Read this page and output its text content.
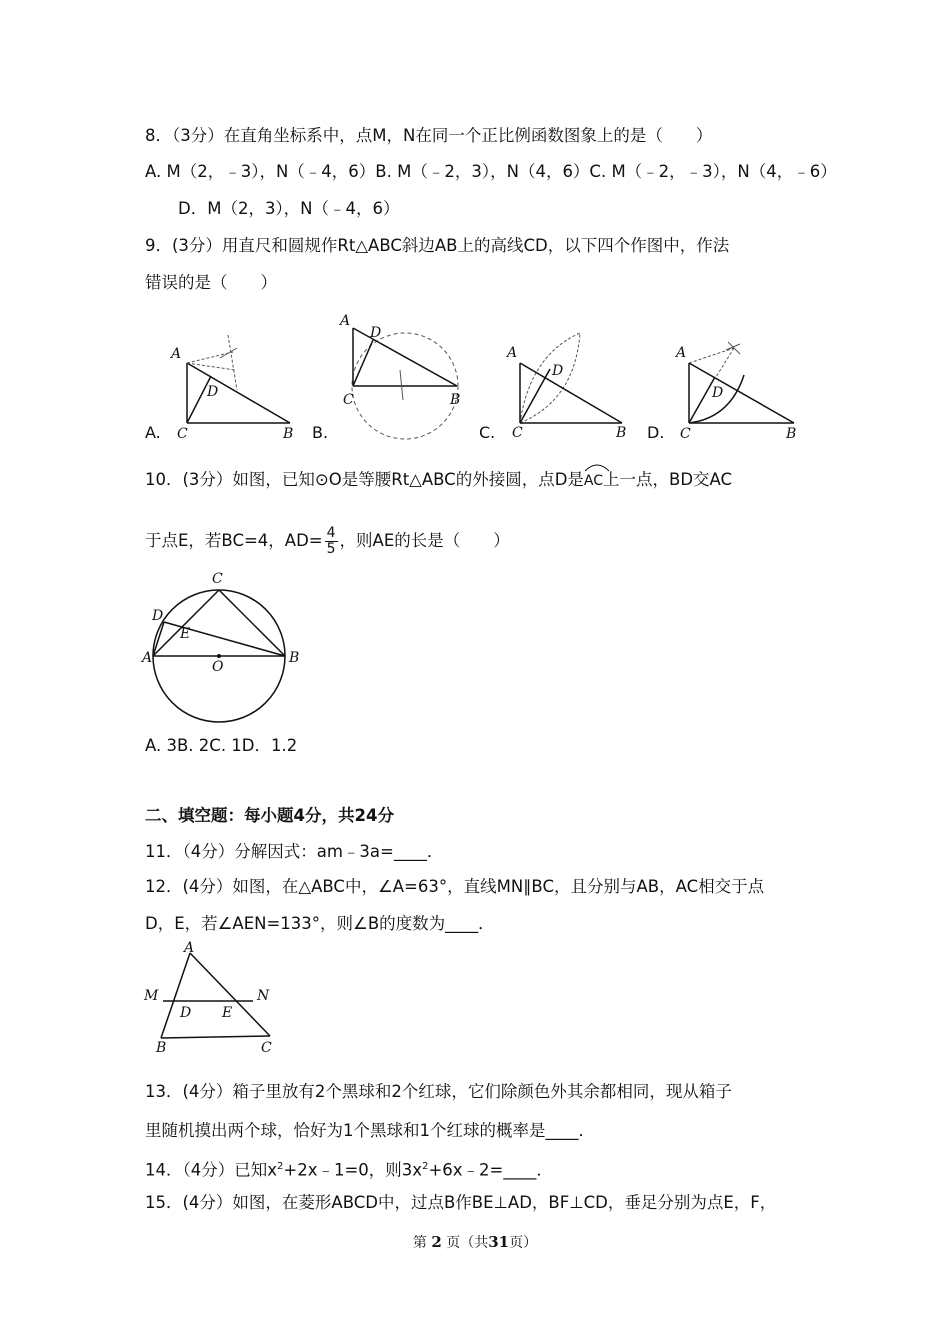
8．（3分）在直角坐标系中，点M，N在同一个正比例函数图象上的是（　　）
A. M（2，﹣3），N（﹣4，6）B. M（﹣2，3），N（4，6）C. M（﹣2，﹣3），N（4，﹣6）
D．M（2，3），N（﹣4，6）
9．(3分）用直尺和圆规作Rt△ABC斜边AB上的高线CD，以下四个作图中，作法
错误的是（　　）
A.
A
D
C	B B.
A
D
C	B
C.
A
D
C	B D.
A
D
C	B
10．(3分）如图，已知⊙O是等腰Rt△ABC的外接圆，点D是
AC上一点，BD交AC
于点E，若BC=4，$AD= \frac{4}{5}$ ，则AE的长是（　　）
C
D
E
A
O
B
A. 3B. 2C. 1D．1.2
二、填空题：每小题4分，共24分
11．（4分）分解因式：am﹣3a=____．
12．(4分）如图，在△ABC中，∠A=63°，直线MN∥BC，且分别与AB，AC相交于点
D，E，若∠AEN=133°，则∠B的度数为____．
A
M	N
D E
B	C
13．(4分）箱子里放有2个黑球和2个红球，它们除颜色外其余都相同，现从箱子
里随机摸出两个球，恰好为1个黑球和1个红球的概率是____．
14．（4分）已知$x^2+2x﹣1=0$，则$3x^2+6x﹣2=\_\_\_\_$．
15．(4分）如图，在菱形ABCD中，过点B作BE⊥AD，BF⊥CD，垂足分别为点E，F，
第 2 页（共31页）
